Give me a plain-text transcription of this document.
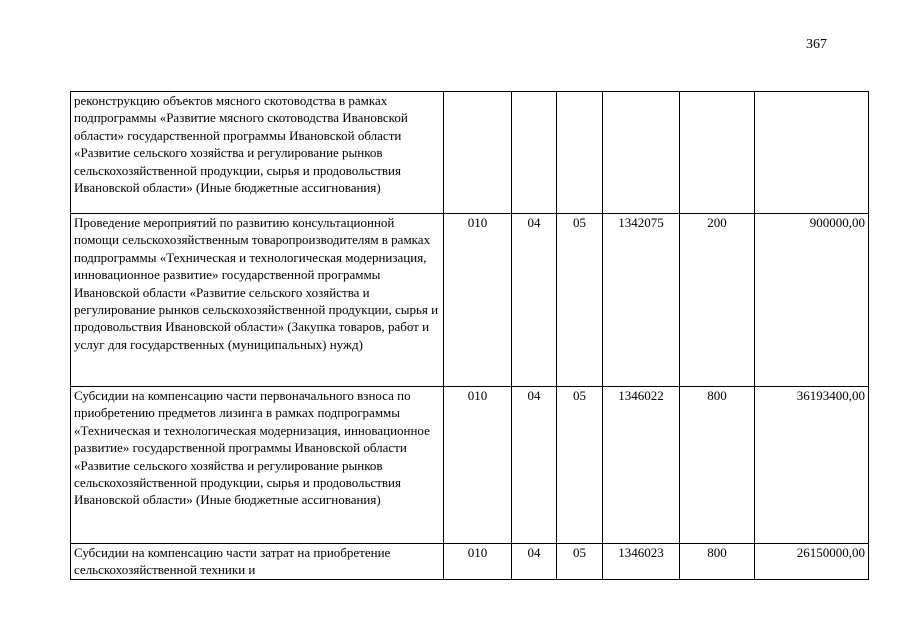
367
реконструкцию объектов мясного скотоводства в рамках подпрограммы «Развитие мясного скотоводства Ивановской области» государственной программы Ивановской области «Развитие сельского хозяйства и регулирование рынков сельскохозяйственной продукции, сырья и продовольствия Ивановской области» (Иные бюджетные ассигнования)						
Проведение мероприятий по развитию консультационной помощи сельскохозяйственным товаропроизводителям в рамках подпрограммы «Техническая и технологическая модернизация, инновационное развитие» государственной программы Ивановской области «Развитие сельского хозяйства и регулирование рынков сельскохозяйственной продукции, сырья и продовольствия Ивановской области» (Закупка товаров, работ и услуг для государственных (муниципальных) нужд)	010	04	05	1342075	200	900000,00
Субсидии на компенсацию части первоначального взноса по приобретению предметов лизинга в рамках подпрограммы «Техническая и технологическая модернизация, инновационное развитие» государственной программы Ивановской области «Развитие сельского хозяйства и регулирование рынков сельскохозяйственной продукции, сырья и продовольствия Ивановской области» (Иные бюджетные ассигнования)	010	04	05	1346022	800	36193400,00
Субсидии на компенсацию части затрат на приобретение сельскохозяйственной техники и	010	04	05	1346023	800	26150000,00
